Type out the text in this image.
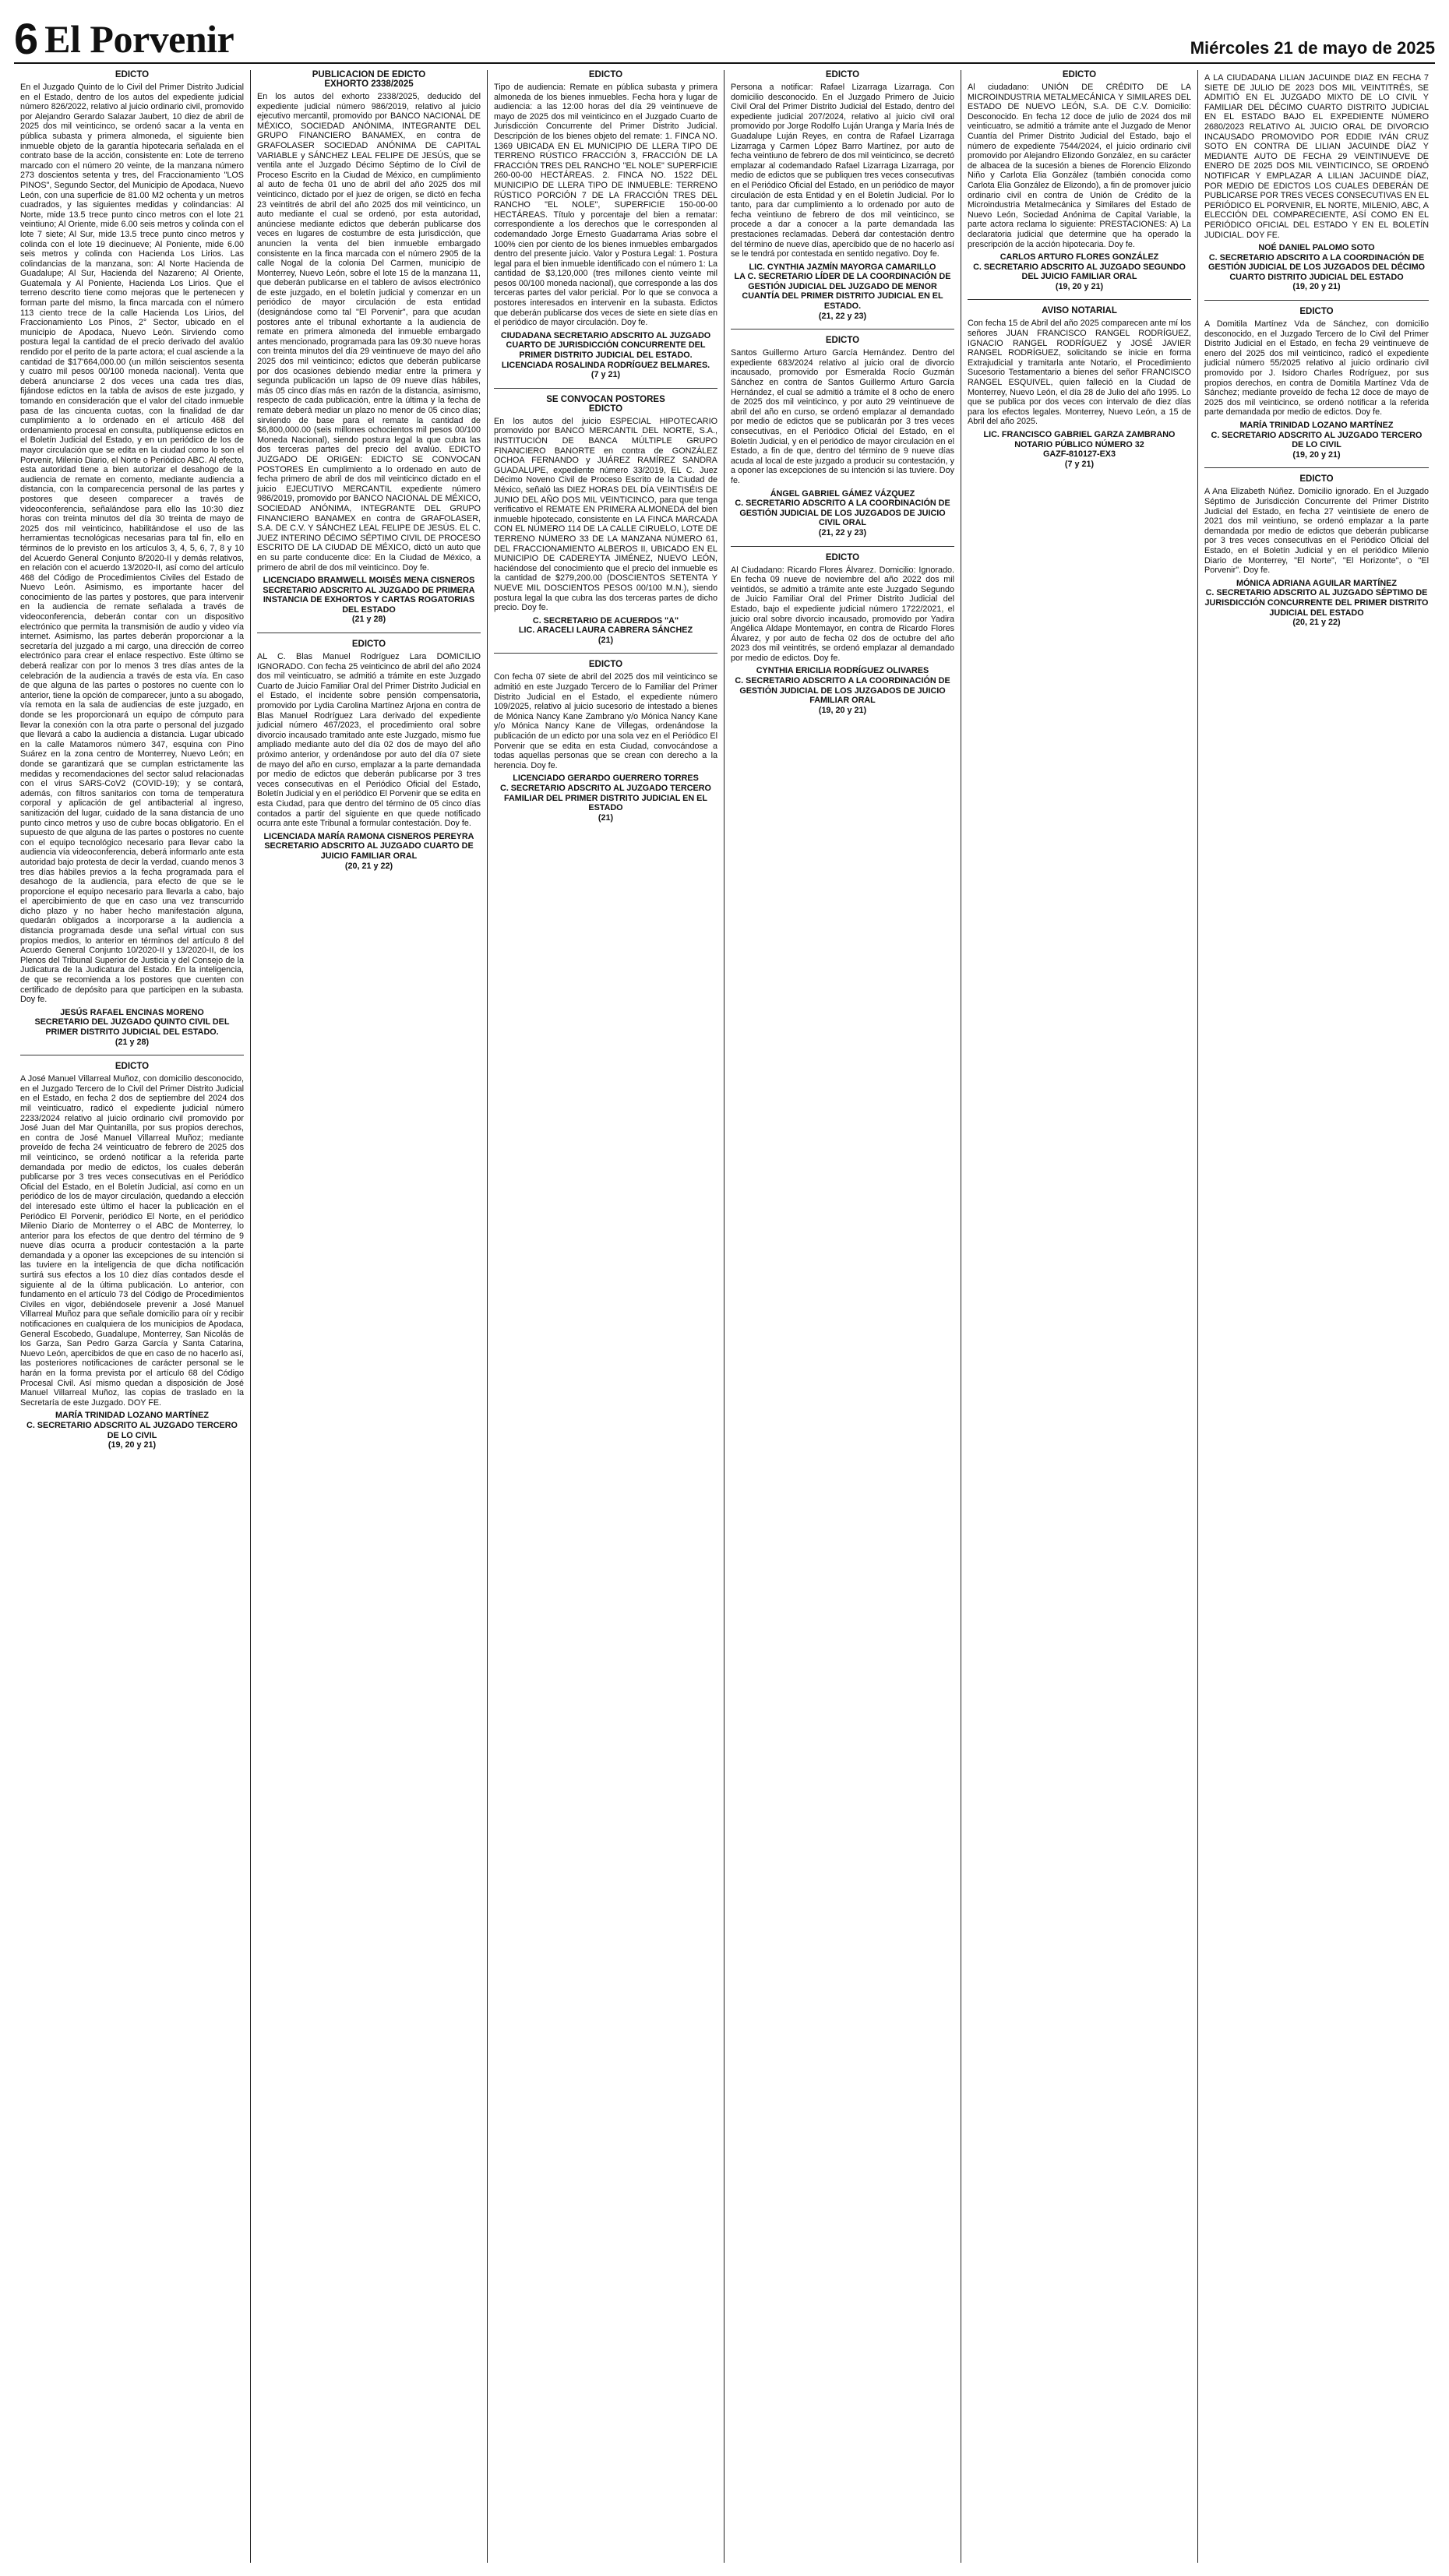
6 El Porvenir	Miércoles 21 de mayo de 2025
EDICTO

En el Juzgado Quinto de lo Civil del Primer Distrito Judicial en el Estado, dentro de los autos del expediente judicial número 826/2022, relativo al juicio ordinario civil, promovido por Alejandro Gerardo Salazar Jaubert, 10 diez de abril de 2025 dos mil veinticinco, se ordenó sacar a la venta en pública subasta y primera almoneda, el siguiente bien inmueble objeto de la garantía hipotecaria señalada en el contrato base de la acción, consistente en: Lote de terreno marcado con el número 20 veinte, de la manzana número 273 doscientos setenta y tres, del Fraccionamiento "LOS PINOS", Segundo Sector, del Municipio de Apodaca, Nuevo León, con una superficie de 81.00 M2 ochenta y un metros cuadrados, y las siguientes medidas y colindancias: Al Norte, mide 13.5 trece punto cinco metros con el lote 21 veintiuno; Al Oriente, mide 6.00 seis metros y colinda con el lote 7 siete; Al Sur, mide 13.5 trece punto cinco metros y colinda con el lote 19 diecinueve; Al Poniente, mide 6.00 seis metros y colinda con Hacienda Los Lirios. Las colindancias de la manzana, son: Al Norte Hacienda de Guadalupe; Al Sur, Hacienda del Nazareno; Al Oriente, Guatemala y Al Poniente, Hacienda Los Lirios. Que el terreno descrito tiene como mejoras que le pertenecen y forman parte del mismo, la finca marcada con el número 113 ciento trece de la calle Hacienda Los Lirios, del Fraccionamiento Los Pinos, 2° Sector, ubicado en el municipio de Apodaca, Nuevo León. Sirviendo como postura legal la cantidad de el precio derivado del avalúo rendido por el perito de la parte actora; el cual asciende a la cantidad de $17'664,000.00 (un millón seiscientos sesenta y cuatro mil pesos 00/100 moneda nacional). Venta que deberá anunciarse 2 dos veces una cada tres días, fijándose edictos en la tabla de avisos de este juzgado, y tomando en consideración que el valor del citado inmueble pasa de las cincuenta cuotas, con la finalidad de dar cumplimiento a lo ordenado en el artículo 468 del ordenamiento procesal en consulta, publíquense edictos en el Boletín Judicial del Estado, y en un periódico de los de mayor circulación que se edita en la ciudad como lo son el Porvenir, Milenio Diario, el Norte o Periódico ABC. Al efecto, esta autoridad tiene a bien autorizar el desahogo de la audiencia de remate en comento, mediante audiencia a distancia, con la comparecencia personal de las partes y postores que deseen comparecer a través de videoconferencia, señalándose para ello las 10:30 diez horas con treinta minutos del día 30 treinta de mayo de 2025 dos mil veinticinco, habilitándose el uso de las herramientas tecnológicas necesarias para tal fin, ello en términos de lo previsto en los artículos 3, 4, 5, 6, 7, 8 y 10 del Acuerdo General Conjunto 8/2020-II y demás relativos, en relación con el acuerdo 13/2020-II, así como del artículo 468 del Código de Procedimientos Civiles del Estado de Nuevo León. Asimismo, es importante hacer del conocimiento de las partes y postores, que para intervenir en la audiencia de remate señalada a través de videoconferencia, deberán contar con un dispositivo electrónico que permita la transmisión de audio y video vía internet. Asimismo, las partes deberán proporcionar a la secretaría del juzgado a mi cargo, una dirección de correo electrónico para crear el enlace respectivo. Este último se deberá realizar con por lo menos 3 tres días antes de la celebración de la audiencia a través de esta vía. En caso de que alguna de las partes o postores no cuente con lo anterior, tiene la opción de comparecer, junto a su abogado, vía remota en la sala de audiencias de este juzgado, en donde se les proporcionará un equipo de cómputo para llevar la conexión con la otra parte o personal del juzgado que llevará a cabo la audiencia a distancia. Lugar ubicado en la calle Matamoros número 347, esquina con Pino Suárez en la zona centro de Monterrey, Nuevo León; en donde se garantizará que se cumplan estrictamente las medidas y recomendaciones del sector salud relacionadas con el virus SARS-CoV2 (COVID-19); y se contará, además, con filtros sanitarios con toma de temperatura corporal y aplicación de gel antibacterial al ingreso, sanitización del lugar, cuidado de la sana distancia de uno punto cinco metros y uso de cubre bocas obligatorio. En el supuesto de que alguna de las partes o postores no cuente con el equipo tecnológico necesario para llevar cabo la audiencia vía videoconferencia, deberá informarlo ante esta autoridad bajo protesta de decir la verdad, cuando menos 3 tres días hábiles previos a la fecha programada para el desahogo de la audiencia, para efecto de que se le proporcione el equipo necesario para llevarla a cabo, bajo el apercibimiento de que en caso una vez transcurrido dicho plazo y no haber hecho manifestación alguna, quedarán obligados a incorporarse a la audiencia a distancia programada desde una señal virtual con sus propios medios, lo anterior en términos del artículo 8 del Acuerdo General Conjunto 10/2020-II y 13/2020-II, de los Plenos del Tribunal Superior de Justicia y del Consejo de la Judicatura de la Judicatura del Estado. En la inteligencia, de que se recomienda a los postores que cuenten con certificado de depósito para que participen en la subasta. Doy fe.

JESÚS RAFAEL ENCINAS MORENO
SECRETARIO DEL JUZGADO QUINTO CIVIL DEL PRIMER DISTRITO JUDICIAL DEL ESTADO.
(21 y 28)

EDICTO

A José Manuel Villarreal Muñoz, con domicilio desconocido, en el Juzgado Tercero de lo Civil del Primer Distrito Judicial en el Estado, en fecha 2 dos de septiembre del 2024 dos mil veinticuatro, radicó el expediente judicial número 2233/2024 relativo al juicio ordinario civil promovido por José Juan del Mar Quintanilla, por sus propios derechos, en contra de José Manuel Villarreal Muñoz; mediante proveído de fecha 24 veinticuatro de febrero de 2025 dos mil veinticinco, se ordenó notificar a la referida parte demandada por medio de edictos, los cuales deberán publicarse por 3 tres veces consecutivas en el Periódico Oficial del Estado, en el Boletín Judicial, así como en un periódico de los de mayor circulación, quedando a elección del interesado este último el hacer la publicación en el Periódico El Porvenir, periódico El Norte, en el periódico Milenio Diario de Monterrey o el ABC de Monterrey, lo anterior para los efectos de que dentro del término de 9 nueve días ocurra a producir contestación a la parte demandada y a oponer las excepciones de su intención si las tuviere en la inteligencia de que dicha notificación surtirá sus efectos a los 10 diez días contados desde el siguiente al de la última publicación. Lo anterior, con fundamento en el artículo 73 del Código de Procedimientos Civiles en vigor, debiéndosele prevenir a José Manuel Villarreal Muñoz para que señale domicilio para oír y recibir notificaciones en cualquiera de los municipios de Apodaca, General Escobedo, Guadalupe, Monterrey, San Nicolás de los Garza, San Pedro Garza García y Santa Catarina, Nuevo León, apercibidos de que en caso de no hacerlo así, las posteriores notificaciones de carácter personal se le harán en la forma prevista por el artículo 68 del Código Procesal Civil. Así mismo quedan a disposición de José Manuel Villarreal Muñoz, las copias de traslado en la Secretaría de este Juzgado. DOY FE.

MARÍA TRINIDAD LOZANO MARTÍNEZ
C. SECRETARIO ADSCRITO AL JUZGADO TERCERO DE LO CIVIL
(19, 20 y 21)

PUBLICACIÓN DE EDICTO
EXHORTO 2338/2025

En los autos del exhorto 2338/2025, deducido del expediente judicial número 986/2019, relativo al juicio ejecutivo mercantil, promovido por BANCO NACIONAL DE MÉXICO, SOCIEDAD ANÓNIMA, INTEGRANTE DEL GRUPO FINANCIERO BANAMEX, en contra de GRAFOLASER SOCIEDAD ANÓNIMA DE CAPITAL VARIABLE y SÁNCHEZ LEAL FELIPE DE JESÚS, que se ventila ante el Juzgado Décimo Séptimo de lo Civil de Proceso Escrito en la Ciudad de México, en cumplimiento al auto de fecha 01 uno de abril del año 2025 dos mil veinticinco, dictado por el juez de origen, se dictó en fecha 23 veintitrés de abril del año 2025 dos mil veinticinco, un auto mediante el cual se ordenó, por esta autoridad, anúnciese mediante edictos que deberán publicarse dos veces en lugares de costumbre de esta jurisdicción, que anuncien la venta del bien inmueble embargado consistente en la finca marcada con el número 2905 de la calle Nogal de la colonia Del Carmen, municipio de Monterrey, Nuevo León, sobre el lote 15 de la manzana 11, que deberán publicarse en el tablero de avisos electrónico de este juzgado, en el boletín judicial y comenzar en un periódico de mayor circulación de esta entidad (designándose como tal "El Porvenir", para que acudan postores ante el tribunal exhortante a la audiencia de remate en primera almoneda del inmueble embargado antes mencionado, programada para las 09:30 nueve horas con treinta minutos del día 29 veintinueve de mayo del año 2025 dos mil veinticinco; edictos que deberán publicarse por dos ocasiones debiendo mediar entre la primera y segunda publicación un lapso de 09 nueve días hábiles, más 05 cinco días más en razón de la distancia, asimismo, respecto de cada publicación, entre la última y la fecha de remate deberá mediar un plazo no menor de 05 cinco días; sirviendo de base para el remate la cantidad de $6,800,000.00 (seis millones ochocientos mil pesos 00/100 Moneda Nacional), siendo postura legal la que cubra las dos terceras partes del precio del avalúo. EDICTO JUZGADO DE ORIGEN: EDICTO SE CONVOCAN POSTORES En cumplimiento a lo ordenado en auto de fecha primero de abril de dos mil veinticinco dictado en el juicio EJECUTIVO MERCANTIL expediente número 986/2019, promovido por BANCO NACIONAL DE MÉXICO, SOCIEDAD ANÓNIMA, INTEGRANTE DEL GRUPO FINANCIERO BANAMEX en contra de GRAFOLASER, S.A. DE C.V. Y SÁNCHEZ LEAL FELIPE DE JESÚS. EL C. JUEZ INTERINO DÉCIMO SÉPTIMO CIVIL DE PROCESO ESCRITO DE LA CIUDAD DE MÉXICO, dictó un auto que en su parte conducente dice: En la Ciudad de México, a primero de abril de dos mil veinticinco. Doy fe.

LICENCIADO BRAMWELL MOISÉS MENA CISNEROS
SECRETARIO ADSCRITO AL JUZGADO DE PRIMERA INSTANCIA DE EXHORTOS Y CARTAS ROGATORIAS DEL ESTADO
(21 y 28)

EDICTO

AL C. Blas Manuel Rodríguez Lara DOMICILIO IGNORADO. Con fecha 25 veinticinco de abril del año 2024 dos mil veinticuatro, se admitió a trámite en este Juzgado Cuarto de Juicio Familiar Oral del Primer Distrito Judicial en el Estado, el incidente sobre pensión compensatoria, promovido por Lydia Carolina Martínez Arjona en contra de Blas Manuel Rodríguez Lara derivado del expediente judicial número 467/2023, el procedimiento oral sobre divorcio incausado tramitado ante este Juzgado, mismo fue ampliado mediante auto del día 02 dos de mayo del año próximo anterior, y ordenándose por auto del día 07 siete de mayo del año en curso, emplazar a la parte demandada por medio de edictos que deberán publicarse por 3 tres veces consecutivas en el Periódico Oficial del Estado, Boletín Judicial y en el periódico El Porvenir que se edita en esta Ciudad, para que dentro del término de 05 cinco días contados a partir del siguiente en que quede notificado ocurra ante este Tribunal a formular contestación. Doy fe.

LICENCIADA MARÍA RAMONA CISNEROS PEREYRA
SECRETARIO ADSCRITO AL JUZGADO CUARTO DE JUICIO FAMILIAR ORAL
(20, 21 y 22)

EDICTO

Tipo de audiencia: Remate en pública subasta y primera almoneda de los bienes inmuebles. Fecha hora y lugar de audiencia: a las 12:00 horas del día 29 veintinueve de mayo de 2025 dos mil veinticinco en el Juzgado Cuarto de Jurisdicción Concurrente del Primer Distrito Judicial. Descripción de los bienes objeto del remate: 1. FINCA NO. 1369 UBICADA EN EL MUNICIPIO DE LLERA TIPO DE TERRENO RÚSTICO FRACCIÓN 3, FRACCIÓN DE LA FRACCIÓN TRES DEL RANCHO "EL NOLE" SUPERFICIE 260-00-00 HECTÁREAS. 2. FINCA NO. 1522 DEL MUNICIPIO DE LLERA TIPO DE INMUEBLE: TERRENO RÚSTICO PORCIÓN 7 DE LA FRACCIÓN TRES DEL RANCHO "EL NOLE", SUPERFICIE 150-00-00 HECTÁREAS. Título y porcentaje del bien a rematar: correspondiente a los derechos que le corresponden al codemandado Jorge Ernesto Guadarrama Arias sobre el 100% cien por ciento de los bienes inmuebles embargados dentro del presente juicio. Valor y Postura Legal: 1. Postura legal para el bien inmueble identificado con el número 1: La cantidad de $3,120,000 (tres millones ciento veinte mil pesos 00/100 moneda nacional), que corresponde a las dos terceras partes del valor pericial. Por lo que se convoca a postores interesados en intervenir en la subasta. Edictos que deberán publicarse dos veces de siete en siete días en el periódico de mayor circulación. Doy fe.

CIUDADANA SECRETARIO ADSCRITO AL JUZGADO CUARTO DE JURISDICCIÓN CONCURRENTE DEL PRIMER DISTRITO JUDICIAL DEL ESTADO.
LICENCIADA ROSALINDA RODRÍGUEZ BELMARES.
(7 y 21)

SE CONVOCAN POSTORES
EDICTO

En los autos del juicio ESPECIAL HIPOTECARIO promovido por BANCO MERCANTIL DEL NORTE, S.A., INSTITUCIÓN DE BANCA MÚLTIPLE GRUPO FINANCIERO BANORTE en contra de GONZÁLEZ OCHOA FERNANDO y JUÁREZ RAMÍREZ SANDRA GUADALUPE, expediente número 33/2019, EL C. Juez Décimo Noveno Civil de Proceso Escrito de la Ciudad de México, señaló las DIEZ HORAS DEL DÍA VEINTISÉIS DE JUNIO DEL AÑO DOS MIL VEINTICINCO, para que tenga verificativo el REMATE EN PRIMERA ALMONEDA del bien inmueble hipotecado, consistente en LA FINCA MARCADA CON EL NÚMERO 114 DE LA CALLE CIRUELO, LOTE DE TERRENO NÚMERO 33 DE LA MANZANA NÚMERO 61, DEL FRACCIONAMIENTO ALBEROS II, UBICADO EN EL MUNICIPIO DE CADEREYTA JIMÉNEZ, NUEVO LEÓN, haciéndose del conocimiento que el precio del inmueble es la cantidad de $279,200.00 (DOSCIENTOS SETENTA Y NUEVE MIL DOSCIENTOS PESOS 00/100 M.N.), siendo postura legal la que cubra las dos terceras partes de dicho precio. Doy fe.

C. SECRETARIO DE ACUERDOS "A"
LIC. ARACELI LAURA CABRERA SÁNCHEZ
(21)

EDICTO

Con fecha 07 siete de abril del 2025 dos mil veinticinco se admitió en este Juzgado Tercero de lo Familiar del Primer Distrito Judicial en el Estado, el expediente número 109/2025, relativo al juicio sucesorio de intestado a bienes de Mónica Nancy Kane Zambrano y/o Mónica Nancy Kane y/o Mónica Nancy Kane de Villegas, ordenándose la publicación de un edicto por una sola vez en el Periódico El Porvenir que se edita en esta Ciudad, convocándose a todas aquellas personas que se crean con derecho a la herencia. Doy fe.

LICENCIADO GERARDO GUERRERO TORRES
C. SECRETARIO ADSCRITO AL JUZGADO TERCERO FAMILIAR DEL PRIMER DISTRITO JUDICIAL EN EL ESTADO
(21)

EDICTO

Persona a notificar: Rafael Lizarraga Lizarraga. Con domicilio desconocido. En el Juzgado Primero de Juicio Civil Oral del Primer Distrito Judicial del Estado, dentro del expediente judicial 207/2024, relativo al juicio civil oral promovido por Jorge Rodolfo Luján Uranga y María Inés de Guadalupe Luján Reyes, en contra de Rafael Lizarraga Lizarraga y Carmen López Barro Martínez, por auto de fecha veintiuno de febrero de dos mil veinticinco, se decretó emplazar al codemandado Rafael Lizarraga Lizarraga, por medio de edictos que se publiquen tres veces consecutivas en el Periódico Oficial del Estado, en un periódico de mayor circulación de esta Entidad y en el Boletín Judicial. Por lo tanto, para dar cumplimiento a lo ordenado por auto de fecha veintiuno de febrero de dos mil veinticinco, se procede a dar a conocer a la parte demandada las prestaciones reclamadas. Deberá dar contestación dentro del término de nueve días, apercibido que de no hacerlo así se le tendrá por contestada en sentido negativo. Doy fe.

LIC. CYNTHIA JAZMÍN MAYORGA CAMARILLO
LA C. SECRETARIO LÍDER DE LA COORDINACIÓN DE GESTIÓN JUDICIAL DEL JUZGADO DE MENOR CUANTÍA DEL PRIMER DISTRITO JUDICIAL EN EL ESTADO.
(21, 22 y 23)

EDICTO

Santos Guillermo Arturo García Hernández. Dentro del expediente 683/2024 relativo al juicio oral de divorcio incausado, promovido por Esmeralda Rocío Guzmán Sánchez en contra de Santos Guillermo Arturo García Hernández, el cual se admitió a trámite el 8 ocho de enero de 2025 dos mil veinticinco, y por auto 29 veintinueve de abril del año en curso, se ordenó emplazar al demandado por medio de edictos que se publicarán por 3 tres veces consecutivas, en el Periódico Oficial del Estado, en el Boletín Judicial, y en el periódico de mayor circulación en el Estado, a fin de que, dentro del término de 9 nueve días acuda al local de este juzgado a producir su contestación, y a oponer las excepciones de su intención si las tuviere. Doy fe.

ÁNGEL GABRIEL GÁMEZ VÁZQUEZ
C. SECRETARIO ADSCRITO A LA COORDINACIÓN DE GESTIÓN JUDICIAL DE LOS JUZGADOS DE JUICIO CIVIL ORAL
(21, 22 y 23)

EDICTO

Al Ciudadano: Ricardo Flores Álvarez. Domicilio: Ignorado. En fecha 09 nueve de noviembre del año 2022 dos mil veintidós, se admitió a trámite ante este Juzgado Segundo de Juicio Familiar Oral del Primer Distrito Judicial del Estado, bajo el expediente judicial número 1722/2021, el juicio oral sobre divorcio incausado, promovido por Yadira Angélica Aldape Montemayor, en contra de Ricardo Flores Álvarez, y por auto de fecha 02 dos de octubre del año 2023 dos mil veintitrés, se ordenó emplazar al demandado por medio de edictos. Doy fe.

CYNTHIA ERICILIA RODRÍGUEZ OLIVARES
C. SECRETARIO ADSCRITO A LA COORDINACIÓN DE GESTIÓN JUDICIAL DE LOS JUZGADOS DE JUICIO FAMILIAR ORAL
(19, 20 y 21)

EDICTO

Al ciudadano: UNIÓN DE CRÉDITO DE LA MICROINDUSTRIA METALMECÁNICA Y SIMILARES DEL ESTADO DE NUEVO LEÓN, S.A. DE C.V. Domicilio: Desconocido. En fecha 12 doce de julio de 2024 dos mil veinticuatro, se admitió a trámite ante el Juzgado de Menor Cuantía del Primer Distrito Judicial del Estado, bajo el número de expediente 7544/2024, el juicio ordinario civil promovido por Alejandro Elizondo González, en su carácter de albacea de la sucesión a bienes de Florencio Elizondo Niño y Carlota Elia González (también conocida como Carlota Elia González de Elizondo), a fin de promover juicio ordinario civil en contra de Unión de Crédito de la Microindustria Metalmecánica y Similares del Estado de Nuevo León, Sociedad Anónima de Capital Variable, la parte actora reclama lo siguiente: PRESTACIONES: A) La declaratoria judicial que determine que ha operado la prescripción de la acción hipotecaria. Doy fe.

CARLOS ARTURO FLORES GONZÁLEZ
C. SECRETARIO ADSCRITO AL JUZGADO SEGUNDO DEL JUICIO FAMILIAR ORAL
(19, 20 y 21)

AVISO NOTARIAL

Con fecha 15 de Abril del año 2025 comparecen ante mí los señores JUAN FRANCISCO RANGEL RODRÍGUEZ, IGNACIO RANGEL RODRÍGUEZ y JOSÉ JAVIER RANGEL RODRÍGUEZ, solicitando se inicie en forma Extrajudicial y tramitarla ante Notario, el Procedimiento Sucesorio Testamentario a bienes del señor FRANCISCO RANGEL ESQUIVEL, quien falleció en la Ciudad de Monterrey, Nuevo León, el día 28 de Julio del año 1995. Lo que se publica por dos veces con intervalo de diez días para los efectos legales. Monterrey, Nuevo León, a 15 de Abril del año 2025.

LIC. FRANCISCO GABRIEL GARZA ZAMBRANO
NOTARIO PÚBLICO NÚMERO 32
GAZF-810127-EX3
(7 y 21)

A LA CIUDADANA LILIAN JACUINDE DIAZ EN FECHA 7 SIETE DE JULIO DE 2023 DOS MIL VEINTITRÉS, SE ADMITIÓ EN EL JUZGADO MIXTO DE LO CIVIL Y FAMILIAR DEL DÉCIMO CUARTO DISTRITO JUDICIAL EN EL ESTADO BAJO EL EXPEDIENTE NÚMERO 2680/2023 RELATIVO AL JUICIO ORAL DE DIVORCIO INCAUSADO PROMOVIDO POR EDDIE IVÁN CRUZ SOTO EN CONTRA DE LILIAN JACUINDE DÍAZ Y MEDIANTE AUTO DE FECHA 29 VEINTINUEVE DE ENERO DE 2025 DOS MIL VEINTICINCO, SE ORDENÓ NOTIFICAR Y EMPLAZAR A LILIAN JACUINDE DÍAZ, POR MEDIO DE EDICTOS LOS CUALES DEBERÁN DE PUBLICARSE POR TRES VECES CONSECUTIVAS EN EL PERIÓDICO EL PORVENIR, EL NORTE, MILENIO, ABC, A ELECCIÓN DEL COMPARECIENTE, ASÍ COMO EN EL PERIÓDICO OFICIAL DEL ESTADO Y EN EL BOLETÍN JUDICIAL. DOY FE.

NOÉ DANIEL PALOMO SOTO
C. SECRETARIO ADSCRITO A LA COORDINACIÓN DE GESTIÓN JUDICIAL DE LOS JUZGADOS DEL DÉCIMO CUARTO DISTRITO JUDICIAL DEL ESTADO
(19, 20 y 21)

EDICTO

A Domitila Martínez Vda de Sánchez, con domicilio desconocido, en el Juzgado Tercero de lo Civil del Primer Distrito Judicial en el Estado, en fecha 29 veintinueve de enero del 2025 dos mil veinticinco, radicó el expediente judicial número 55/2025 relativo al juicio ordinario civil promovido por J. Isidoro Charles Rodríguez, por sus propios derechos, en contra de Domitila Martínez Vda de Sánchez; mediante proveído de fecha 12 doce de mayo de 2025 dos mil veinticinco, se ordenó notificar a la referida parte demandada por medio de edictos. Doy fe.

MARÍA TRINIDAD LOZANO MARTÍNEZ
C. SECRETARIO ADSCRITO AL JUZGADO TERCERO DE LO CIVIL
(19, 20 y 21)

EDICTO

A Ana Elizabeth Núñez. Domicilio ignorado. En el Juzgado Séptimo de Jurisdicción Concurrente del Primer Distrito Judicial del Estado, en fecha 27 veintisiete de enero de 2021 dos mil veintiuno, se ordenó emplazar a la parte demandada por medio de edictos que deberán publicarse por 3 tres veces consecutivas en el Periódico Oficial del Estado, en el Boletín Judicial y en el periódico Milenio Diario de Monterrey, "El Norte", "El Horizonte", o "El Porvenir". Doy fe.

MÓNICA ADRIANA AGUILAR MARTÍNEZ
C. SECRETARIO ADSCRITO AL JUZGADO SÉPTIMO DE JURISDICCIÓN CONCURRENTE DEL PRIMER DISTRITO JUDICIAL DEL ESTADO
(20, 21 y 22)
